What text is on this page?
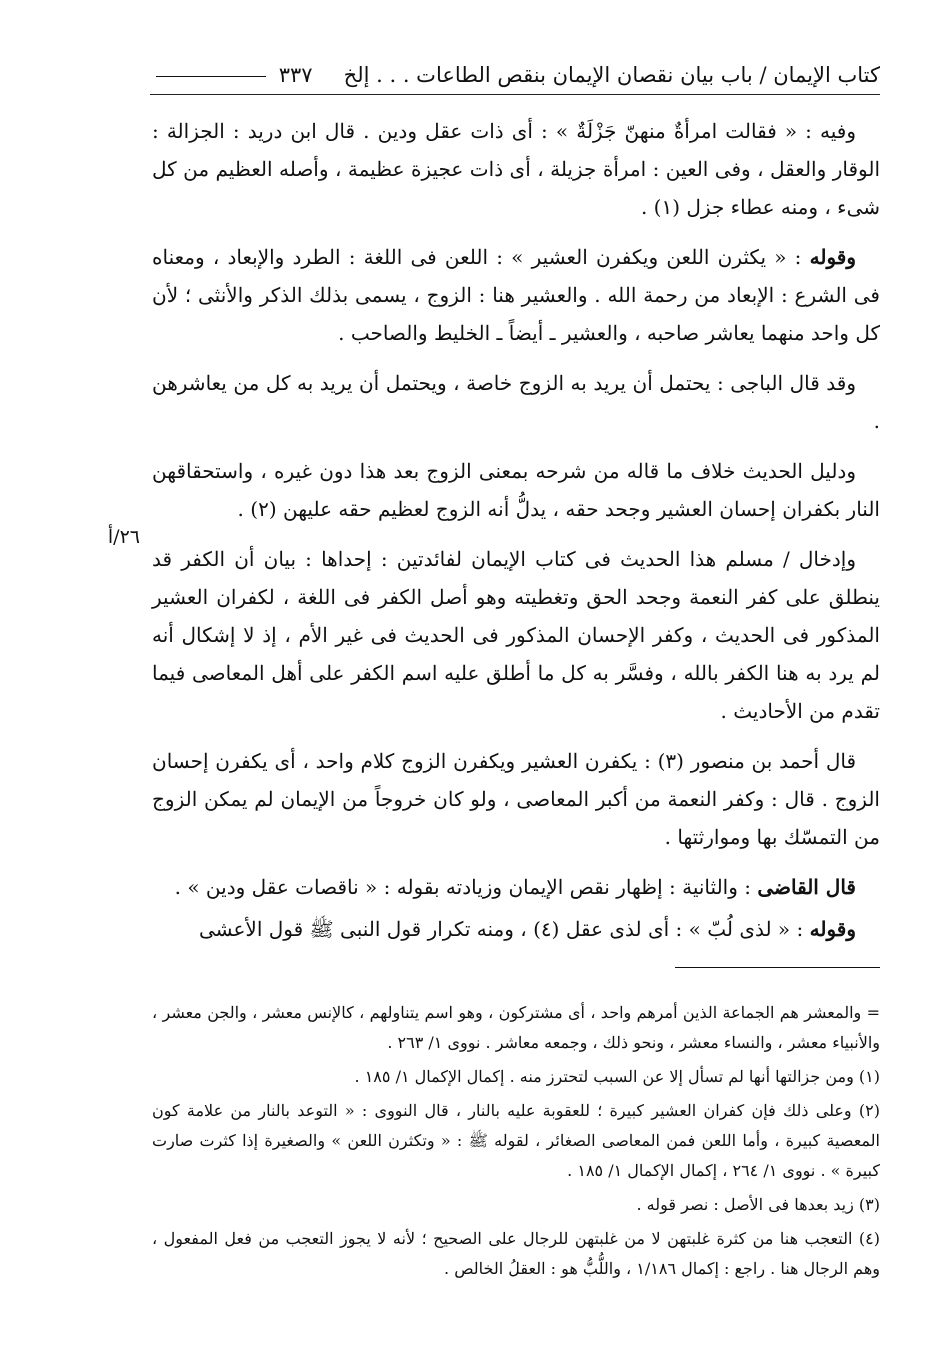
كتاب الإيمان / باب بيان نقصان الإيمان بنقص الطاعات . . . إلخ
٣٣٧
٢٦/أ

وفيه : « فقالت امرأةٌ منهنّ جَزْلَةٌ » : أى ذات عقل ودين . قال ابن دريد : الجزالة : الوقار والعقل ، وفى العين : امرأة جزيلة ، أى ذات عجيزة عظيمة ، وأصله العظيم من كل شىء ، ومنه عطاء جزل (١) .

وقوله : « يكثرن اللعن ويكفرن العشير » : اللعن فى اللغة : الطرد والإبعاد ، ومعناه فى الشرع : الإبعاد من رحمة الله . والعشير هنا : الزوج ، يسمى بذلك الذكر والأنثى ؛ لأن كل واحد منهما يعاشر صاحبه ، والعشير ـ أيضاً ـ الخليط والصاحب .

وقد قال الباجى : يحتمل أن يريد به الزوج خاصة ، ويحتمل أن يريد به كل من يعاشرهن .

ودليل الحديث خلاف ما قاله من شرحه بمعنى الزوج بعد هذا دون غيره ، واستحقاقهن النار بكفران إحسان العشير وجحد حقه ، يدلُّ أنه الزوج لعظيم حقه عليهن (٢) .

وإدخال / مسلم هذا الحديث فى كتاب الإيمان لفائدتين : إحداها : بيان أن الكفر قد ينطلق على كفر النعمة وجحد الحق وتغطيته وهو أصل الكفر فى اللغة ، لكفران العشير المذكور فى الحديث ، وكفر الإحسان المذكور فى الحديث فى غير الأم ، إذ لا إشكال أنه لم يرد به هنا الكفر بالله ، وفسَّر به كل ما أطلق عليه اسم الكفر على أهل المعاصى فيما تقدم من الأحاديث .

قال أحمد بن منصور (٣) : يكفرن العشير ويكفرن الزوج كلام واحد ، أى يكفرن إحسان الزوج . قال : وكفر النعمة من أكبر المعاصى ، ولو كان خروجاً من الإيمان لم يمكن الزوج من التمسّك بها وموارثتها .

قال القاضى : والثانية : إظهار نقص الإيمان وزيادته بقوله : « ناقصات عقل ودين » .

وقوله : « لذى لُبّ » : أى لذى عقل (٤) ، ومنه تكرار قول النبى ﷺ قول الأعشى

= والمعشر هم الجماعة الذين أمرهم واحد ، أى مشتركون ، وهو اسم يتناولهم ، كالإنس معشر ، والجن معشر ، والأنبياء معشر ، والنساء معشر ، ونحو ذلك ، وجمعه معاشر . نووى ١/ ٢٦٣ .

(١) ومن جزالتها أنها لم تسأل إلا عن السبب لتحترز منه . إكمال الإكمال ١/ ١٨٥ .

(٢) وعلى ذلك فإن كفران العشير كبيرة ؛ للعقوبة عليه بالنار ، قال النووى : « التوعد بالنار من علامة كون المعصية كبيرة ، وأما اللعن فمن المعاصى الصغائر ، لقوله ﷺ : « وتكثرن اللعن » والصغيرة إذا كثرت صارت كبيرة » . نووى ١/ ٢٦٤ ، إكمال الإكمال ١/ ١٨٥ .

(٣) زيد بعدها فى الأصل : نصر قوله .

(٤) التعجب هنا من كثرة غلبتهن لا من غلبتهن للرجال على الصحيح ؛ لأنه لا يجوز التعجب من فعل المفعول ، وهم الرجال هنا . راجع : إكمال ١/١٨٦ ، واللُّبُّ هو : العقلُ الخالص .
